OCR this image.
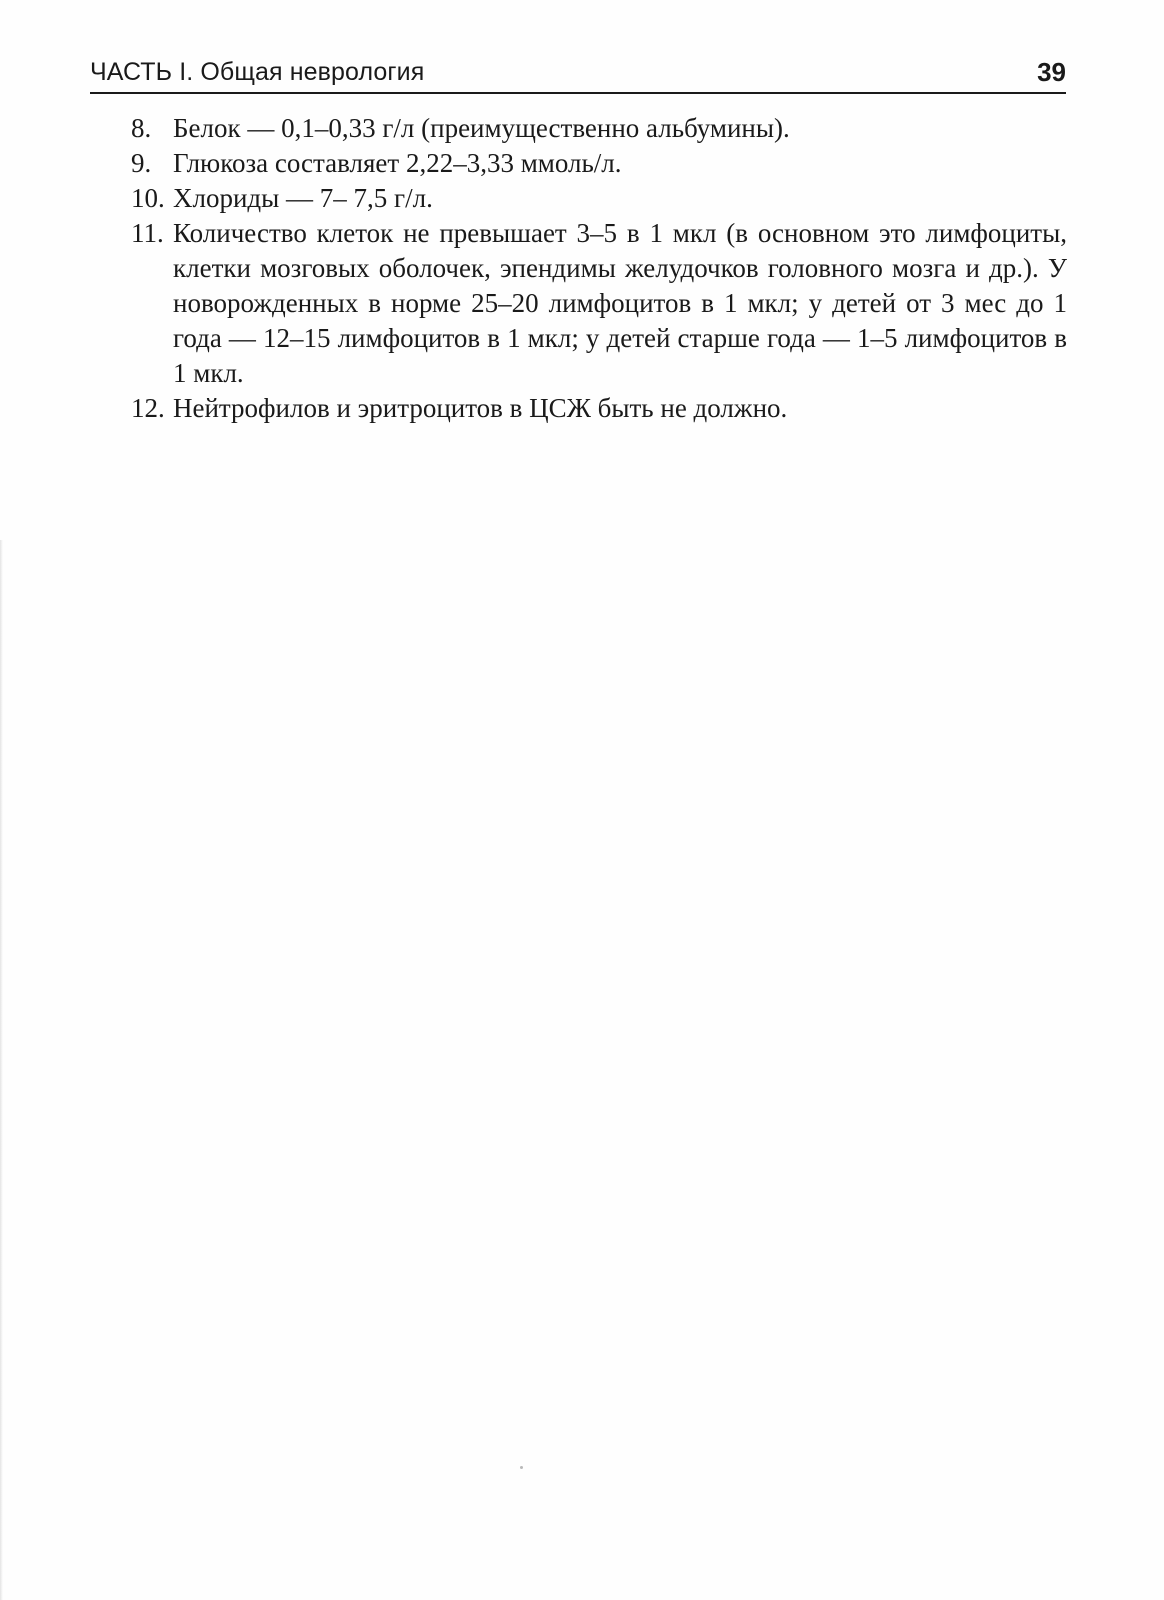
ЧАСТЬ I. Общая неврология	39
8. Белок — 0,1–0,33 г/л (преимущественно альбумины).
9. Глюкоза составляет 2,22–3,33 ммоль/л.
10. Хлориды — 7– 7,5 г/л.
11. Количество клеток не превышает 3–5 в 1 мкл (в основном это лимфоциты, клетки мозговых оболочек, эпендимы желудочков головного мозга и др.). У новорожденных в норме 25–20 лимфоцитов в 1 мкл; у детей от 3 мес до 1 года — 12–15 лимфоцитов в 1 мкл; у детей старше года — 1–5 лимфоцитов в 1 мкл.
12. Нейтрофилов и эритроцитов в ЦСЖ быть не должно.
